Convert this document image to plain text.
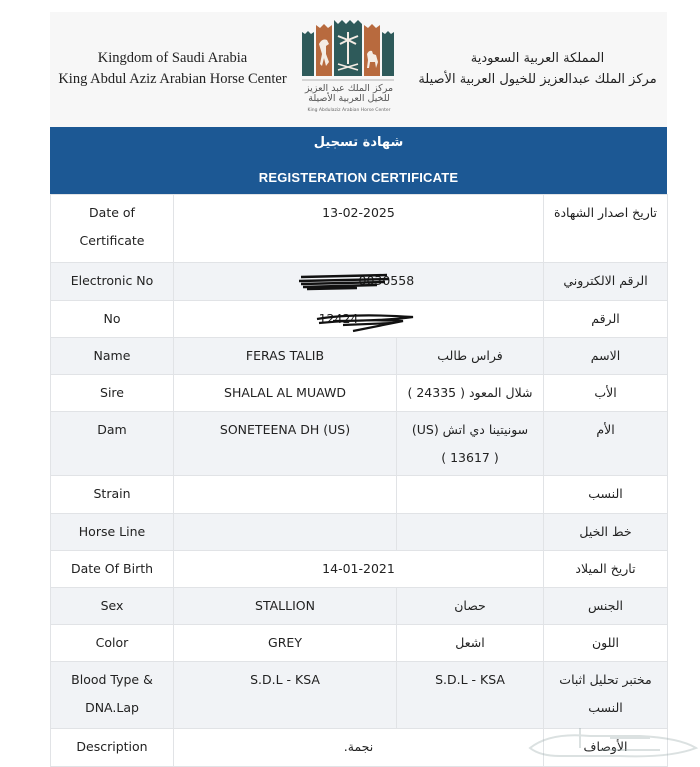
Kingdom of Saudi Arabia
King Abdul Aziz Arabian Horse Center
مركز الملك عبد العزيز
للخيل العربية الأصيلة
King Abdulaziz Arabian Horse Center
المملكة العربية السعودية
مركز الملك عبدالعزيز للخيول العربية الأصيلة
شهادة تسجيل
REGISTERATION CERTIFICATE
Date of Certificate	13-02-2025		تاريخ اصدار الشهادة
Electronic No	0030558		الرقم الالكتروني
No	12424		الرقم
Name	FERAS TALIB	فراس طالب	الاسم
Sire	SHALAL AL MUAWD	شلال المعود ( 24335 )	الأب
Dam	SONETEENA DH (US)	سونيتينا دي اتش (US) ( 13617 )	الأم
Strain			النسب
Horse Line			خط الخيل
Date Of Birth	14-01-2021		تاريخ الميلاد
Sex	STALLION	حصان	الجنس
Color	GREY	اشعل	اللون
Blood Type & DNA.Lap	S.D.L - KSA	S.D.L - KSA	مختبر تحليل اثبات النسب
Description	نجمة.		الأوصاف
